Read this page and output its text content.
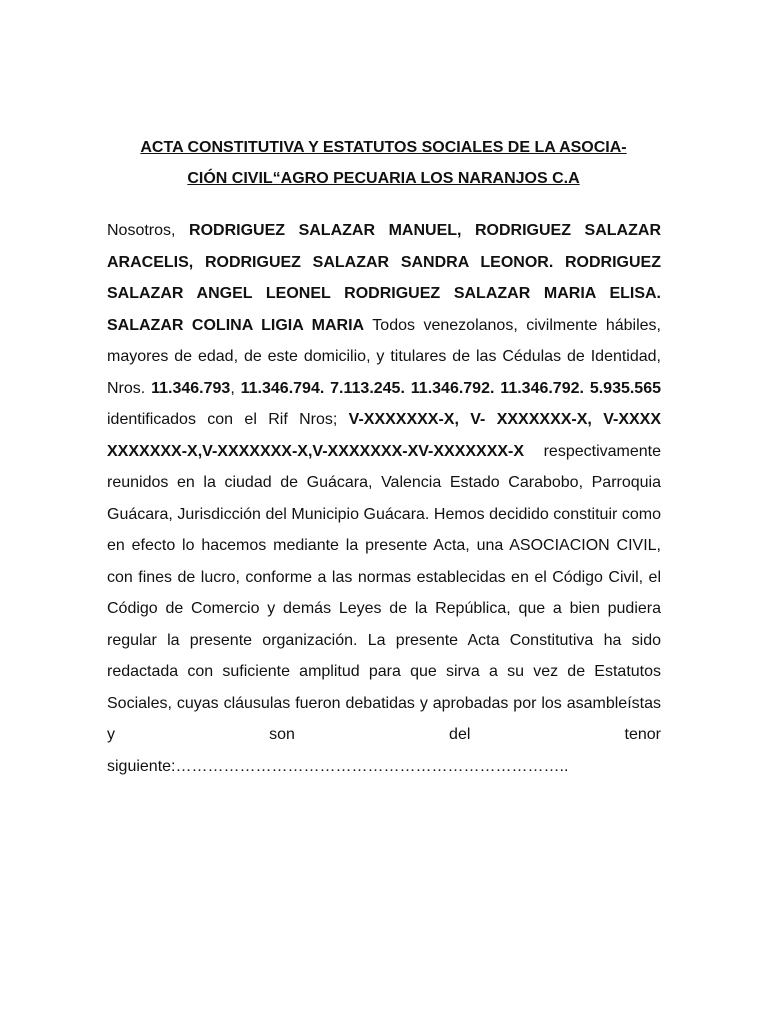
ACTA CONSTITUTIVA Y ESTATUTOS SOCIALES DE LA ASOCIA-
CIÓN CIVIL“AGRO PECUARIA LOS NARANJOS C.A

Nosotros, RODRIGUEZ SALAZAR MANUEL, RODRIGUEZ SALAZAR ARACELIS, RODRIGUEZ SALAZAR SANDRA LEONOR. RODRIGUEZ SALAZAR ANGEL LEONEL RODRIGUEZ SALAZAR MARIA ELISA. SALAZAR COLINA LIGIA MARIA Todos venezolanos, civilmente hábiles, mayores de edad, de este domicilio, y titulares de las Cédulas de Identidad, Nros. 11.346.793, 11.346.794. 7.113.245. 11.346.792. 11.346.792. 5.935.565 identificados con el Rif Nros; V-XXXXXXX-X, V- XXXXXXX-X, V-XXXX XXXXXXX-X,V-XXXXXXX-X,V-XXXXXXX-XV-XXXXXXX-X respectivamente reunidos en la ciudad de Guácara, Valencia Estado Carabobo, Parroquia Guácara, Jurisdicción del Municipio Guácara. Hemos decidido constituir como en efecto lo hacemos mediante la presente Acta, una ASOCIACION CIVIL, con fines de lucro, conforme a las normas establecidas en el Código Civil, el Código de Comercio y demás Leyes de la República, que a bien pudiera regular la presente organización. La presente Acta Constitutiva ha sido redactada con suficiente amplitud para que sirva a su vez de Estatutos Sociales, cuyas cláusulas fueron debatidas y aprobadas por los asambleístas y son del tenor siguiente:………………………………………………………………..
